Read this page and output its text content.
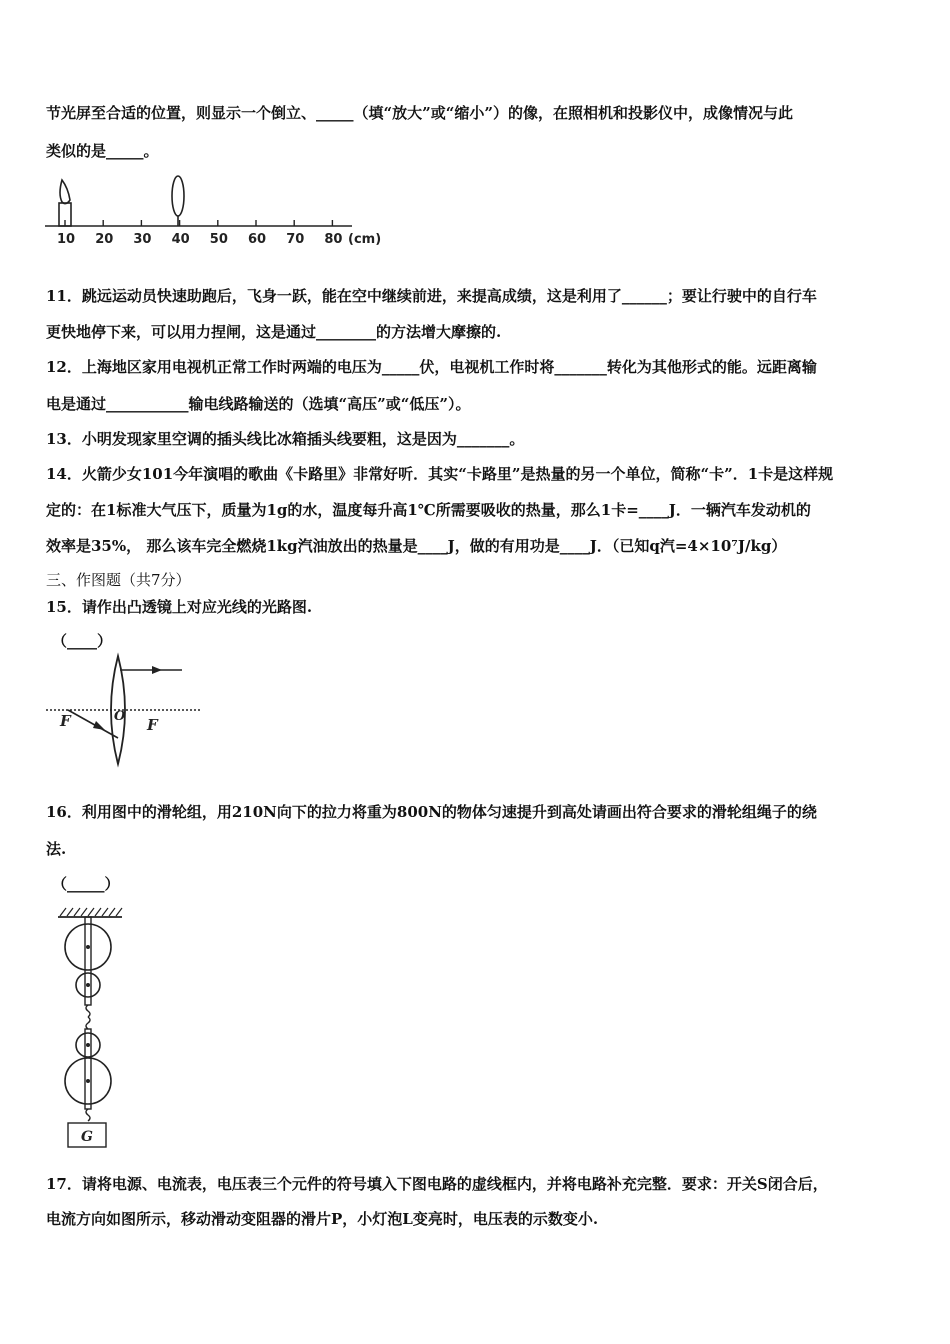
节光屏至合适的位置，则显示一个倒立、_____（填“放大”或“缩小”）的像，在照相机和投影仪中，成像情况与此
类似的是_____。
10 20 30 40 50 60 70 80 (cm)
11．跳远运动员快速助跑后，飞身一跃，能在空中继续前进，来提高成绩，这是利用了______；要让行驶中的自行车
更快地停下来，可以用力捏闸，这是通过________的方法增大摩擦的.
12．上海地区家用电视机正常工作时两端的电压为_____伏，电视机工作时将_______转化为其他形式的能。远距离输
电是通过___________输电线路输送的（选填“高压”或“低压”）。
13．小明发现家里空调的插头线比冰箱插头线要粗，这是因为_______。
14．火箭少女101今年演唱的歌曲《卡路里》非常好听．其实“卡路里”是热量的另一个单位，简称“卡”．1卡是这样规
定的：在1标准大气压下，质量为1g的水，温度每升高1℃所需要吸收的热量，那么1卡=____J．一辆汽车发动机的
效率是35%， 那么该车完全燃烧1kg汽油放出的热量是____J，做的有用功是____J．（已知q汽=4×10⁷J/kg）
三、作图题（共7分）
15．请作出凸透镜上对应光线的光路图.
（____）
F	O F
16．利用图中的滑轮组，用210N向下的拉力将重为800N的物体匀速提升到高处请画出符合要求的滑轮组绳子的绕
法.
（_____）
G
17．请将电源、电流表，电压表三个元件的符号填入下图电路的虚线框内，并将电路补充完整．要求：开关S闭合后，
电流方向如图所示，移动滑动变阻器的滑片P，小灯泡L变亮时，电压表的示数变小.
